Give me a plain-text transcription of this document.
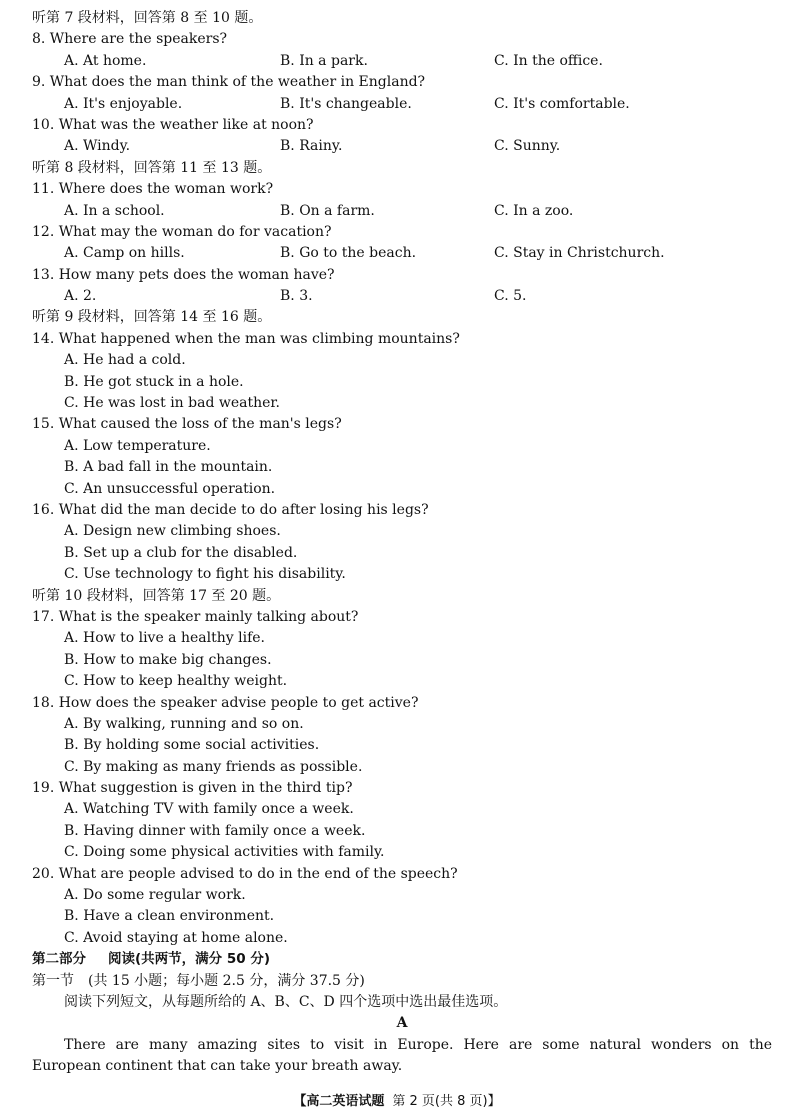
听第 7 段材料，回答第 8 至 10 题。
8. Where are the speakers?
A. At home.	B. In a park.	C. In the office.
9. What does the man think of the weather in England?
A. It's enjoyable.	B. It's changeable.	C. It's comfortable.
10. What was the weather like at noon?
A. Windy.	B. Rainy.	C. Sunny.
听第 8 段材料，回答第 11 至 13 题。
11. Where does the woman work?
A. In a school.	B. On a farm.	C. In a zoo.
12. What may the woman do for vacation?
A. Camp on hills.	B. Go to the beach.	C. Stay in Christchurch.
13. How many pets does the woman have?
A. 2.	B. 3.	C. 5.
听第 9 段材料，回答第 14 至 16 题。
14. What happened when the man was climbing mountains?
A. He had a cold.
B. He got stuck in a hole.
C. He was lost in bad weather.
15. What caused the loss of the man's legs?
A. Low temperature.
B. A bad fall in the mountain.
C. An unsuccessful operation.
16. What did the man decide to do after losing his legs?
A. Design new climbing shoes.
B. Set up a club for the disabled.
C. Use technology to fight his disability.
听第 10 段材料，回答第 17 至 20 题。
17. What is the speaker mainly talking about?
A. How to live a healthy life.
B. How to make big changes.
C. How to keep healthy weight.
18. How does the speaker advise people to get active?
A. By walking, running and so on.
B. By holding some social activities.
C. By making as many friends as possible.
19. What suggestion is given in the third tip?
A. Watching TV with family once a week.
B. Having dinner with family once a week.
C. Doing some physical activities with family.
20. What are people advised to do in the end of the speech?
A. Do some regular work.
B. Have a clean environment.
C. Avoid staying at home alone.
第二部分 阅读(共两节，满分 50 分)
第一节　(共 15 小题；每小题 2.5 分，满分 37.5 分)
阅读下列短文，从每题所给的 A、B、C、D 四个选项中选出最佳选项。
A
There are many amazing sites to visit in Europe. Here are some natural wonders on the
European continent that can take your breath away.
【高二英语试题 第 2 页(共 8 页)】
